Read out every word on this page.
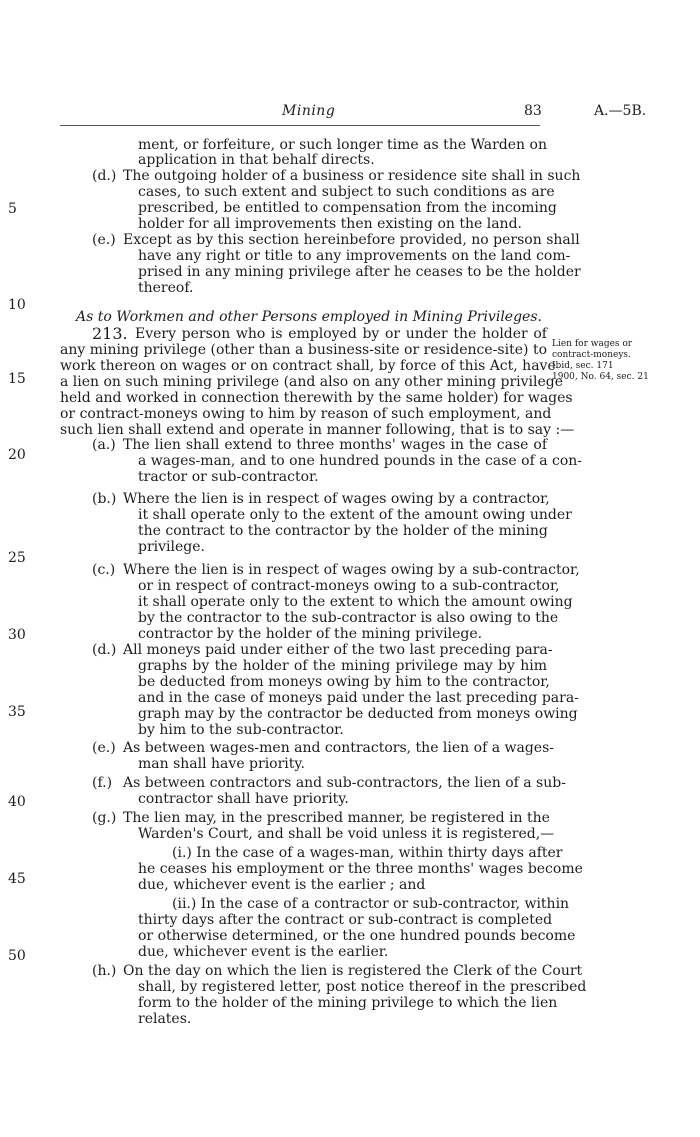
Mining	83	A.—5B.
5
10
15
20
25
30
35
40
45
50
Lien for wages or
contract-moneys.
Ibid, sec. 171
1900, No. 64, sec. 21
ment, or forfeiture, or such longer time as the Warden on
application in that behalf directs.
(d.) The outgoing holder of a business or residence site shall in such
cases, to such extent and subject to such conditions as are
prescribed, be entitled to compensation from the incoming
holder for all improvements then existing on the land.
(e.) Except as by this section hereinbefore provided, no person shall
have any right or title to any improvements on the land com-
prised in any mining privilege after he ceases to be the holder
thereof.
As to Workmen and other Persons employed in Mining Privileges.
213. Every person who is employed by or under the holder of
any mining privilege (other than a business-site or residence-site) to
work thereon on wages or on contract shall, by force of this Act, have
a lien on such mining privilege (and also on any other mining privilege
held and worked in connection therewith by the same holder) for wages
or contract-moneys owing to him by reason of such employment, and
such lien shall extend and operate in manner following, that is to say :—
(a.) The lien shall extend to three months' wages in the case of
a wages-man, and to one hundred pounds in the case of a con-
tractor or sub-contractor.
(b.) Where the lien is in respect of wages owing by a contractor,
it shall operate only to the extent of the amount owing under
the contract to the contractor by the holder of the mining
privilege.
(c.) Where the lien is in respect of wages owing by a sub-contractor,
or in respect of contract-moneys owing to a sub-contractor,
it shall operate only to the extent to which the amount owing
by the contractor to the sub-contractor is also owing to the
contractor by the holder of the mining privilege.
(d.) All moneys paid under either of the two last preceding para-
graphs by the holder of the mining privilege may by him
be deducted from moneys owing by him to the contractor,
and in the case of moneys paid under the last preceding para-
graph may by the contractor be deducted from moneys owing
by him to the sub-contractor.
(e.) As between wages-men and contractors, the lien of a wages-
man shall have priority.
(f.) As between contractors and sub-contractors, the lien of a sub-
contractor shall have priority.
(g.) The lien may, in the prescribed manner, be registered in the
Warden's Court, and shall be void unless it is registered,—
(i.) In the case of a wages-man, within thirty days after
he ceases his employment or the three months' wages become
due, whichever event is the earlier ; and
(ii.) In the case of a contractor or sub-contractor, within
thirty days after the contract or sub-contract is completed
or otherwise determined, or the one hundred pounds become
due, whichever event is the earlier.
(h.) On the day on which the lien is registered the Clerk of the Court
shall, by registered letter, post notice thereof in the prescribed
form to the holder of the mining privilege to which the lien
relates.
